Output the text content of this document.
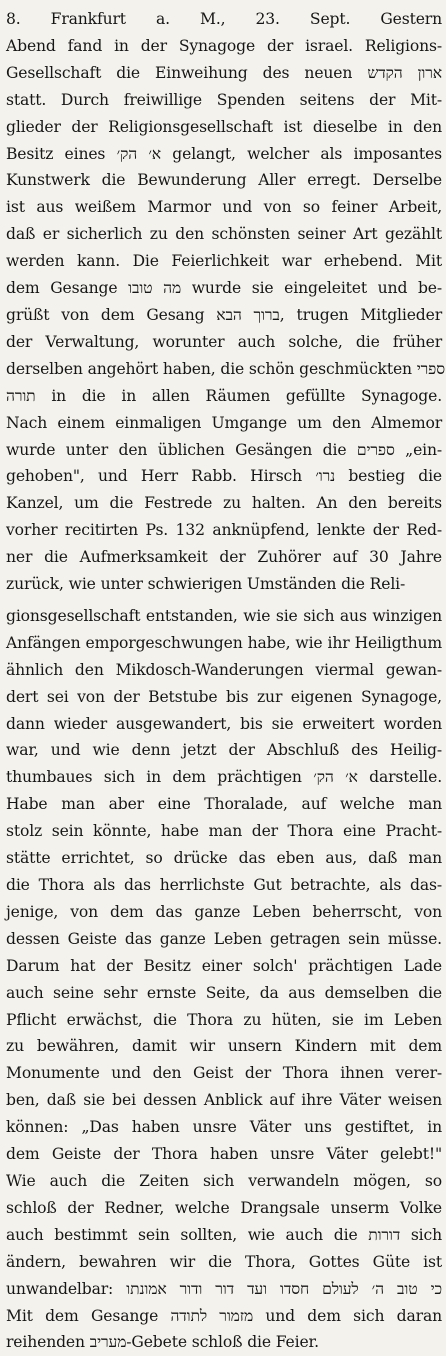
8. Frankfurt a. M., 23. Sept. Gestern
Abend fand in der Synagoge der israel. Religions-
Gesellschaft die Einweihung des neuen ארון הקדש
statt. Durch freiwillige Spenden seitens der Mit-
glieder der Religionsgesellschaft ist dieselbe in den
Besitz eines א׳ הק׳ gelangt, welcher als imposantes
Kunstwerk die Bewunderung Aller erregt. Derselbe
ist aus weißem Marmor und von so feiner Arbeit,
daß er sicherlich zu den schönsten seiner Art gezählt
werden kann. Die Feierlichkeit war erhebend. Mit
dem Gesange מה טובו wurde sie eingeleitet und be-
grüßt von dem Gesang ברוך הבא, trugen Mitglieder
der Verwaltung, worunter auch solche, die früher
derselben angehört haben, die schön geschmückten ספרי
תורה in die in allen Räumen gefüllte Synagoge.
Nach einem einmaligen Umgange um den Almemor
wurde unter den üblichen Gesängen die ספרים „ein-
gehoben", und Herr Rabb. Hirsch נרו׳ bestieg die
Kanzel, um die Festrede zu halten. An den bereits
vorher recitirten Ps. 132 anknüpfend, lenkte der Red-
ner die Aufmerksamkeit der Zuhörer auf 30 Jahre
zurück, wie unter schwierigen Umständen die Reli-
gionsgesellschaft entstanden, wie sie sich aus winzigen
Anfängen emporgeschwungen habe, wie ihr Heiligthum
ähnlich den Mikdosch-Wanderungen viermal gewan-
dert sei von der Betstube bis zur eigenen Synagoge,
dann wieder ausgewandert, bis sie erweitert worden
war, und wie denn jetzt der Abschluß des Heilig-
thumbaues sich in dem prächtigen א׳ הק׳ darstelle.
Habe man aber eine Thoralade, auf welche man
stolz sein könnte, habe man der Thora eine Pracht-
stätte errichtet, so drücke das eben aus, daß man
die Thora als das herrlichste Gut betrachte, als das-
jenige, von dem das ganze Leben beherrscht, von
dessen Geiste das ganze Leben getragen sein müsse.
Darum hat der Besitz einer solch' prächtigen Lade
auch seine sehr ernste Seite, da aus demselben die
Pflicht erwächst, die Thora zu hüten, sie im Leben
zu bewähren, damit wir unsern Kindern mit dem
Monumente und den Geist der Thora ihnen verer-
ben, daß sie bei dessen Anblick auf ihre Väter weisen
können: „Das haben unsre Väter uns gestiftet, in
dem Geiste der Thora haben unsre Väter gelebt!"
Wie auch die Zeiten sich verwandeln mögen, so
schloß der Redner, welche Drangsale unserm Volke
auch bestimmt sein sollten, wie auch die דורות sich
ändern, bewahren wir die Thora, Gottes Güte ist
unwandelbar: כי טוב ה׳ לעולם חסדו ועד דור ודור אמונתו
Mit dem Gesange מזמור לתודה und dem sich daran
reihenden מעריב-Gebete schloß die Feier.
